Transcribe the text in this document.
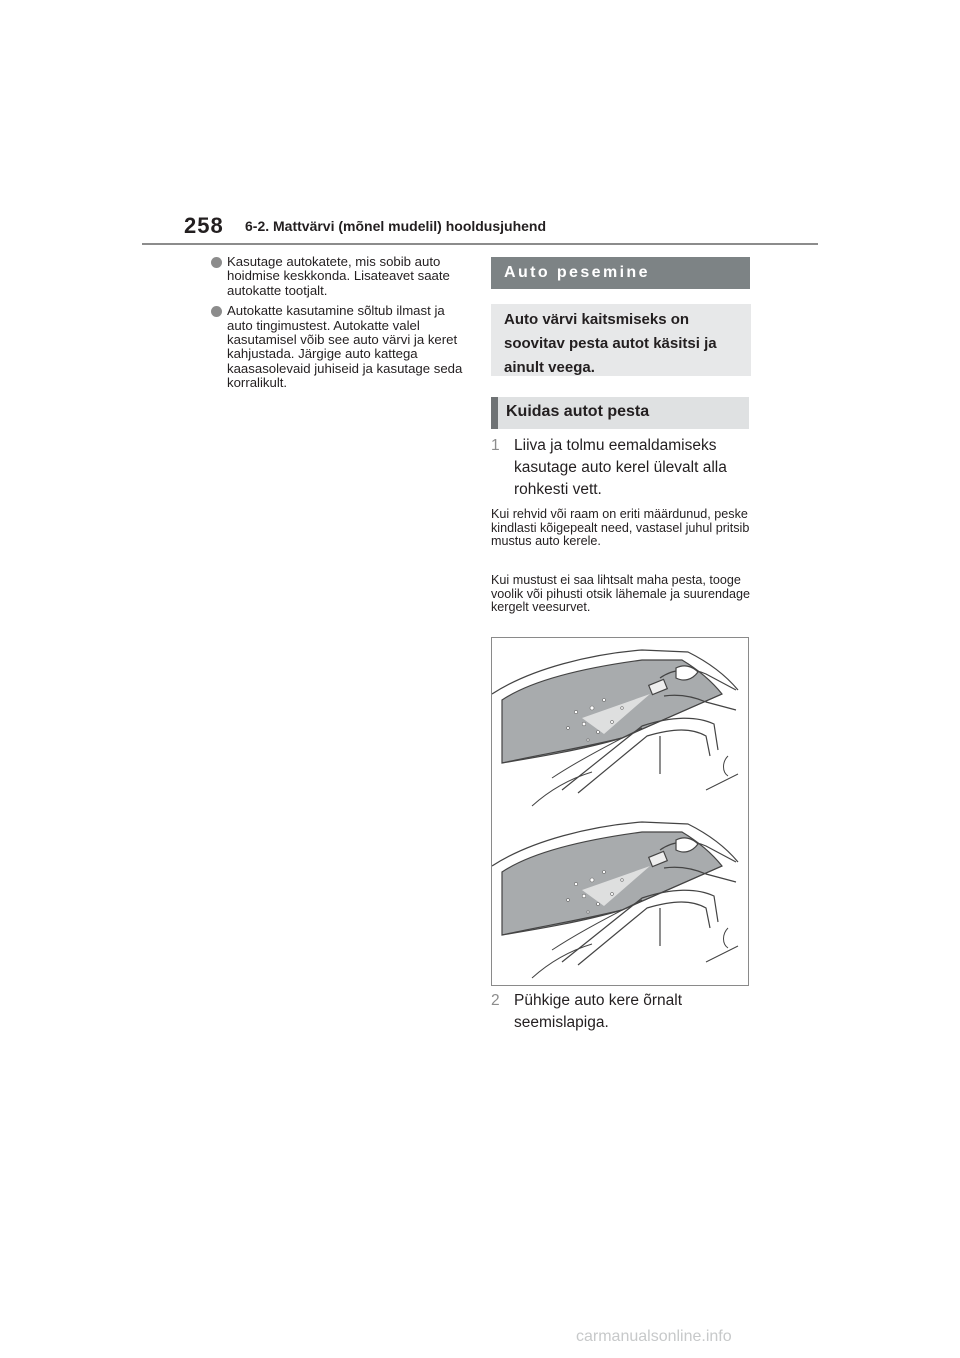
258 6-2. Mattvärvi (mõnel mudelil) hooldusjuhend
Kasutage autokatete, mis sobib auto hoidmise keskkonda. Lisateavet saate autokatte tootjalt.
Autokatte kasutamine sõltub ilmast ja auto tingimustest. Autokatte valel kasutamisel võib see auto värvi ja keret kahjustada. Järgige auto kattega kaasasolevaid juhiseid ja kasutage seda korralikult.
Auto pesemine
Auto värvi kaitsmiseks on soovitav pesta autot käsitsi ja ainult veega.
Kuidas autot pesta
1 Liiva ja tolmu eemaldamiseks kasutage auto kerel ülevalt alla rohkesti vett.
Kui rehvid või raam on eriti määrdunud, peske kindlasti kõigepealt need, vastasel juhul pritsib mustus auto kerele.
Kui mustust ei saa lihtsalt maha pesta, tooge voolik või pihusti otsik lähemale ja suurendage kergelt veesurvet.
2 Pühkige auto kere õrnalt seemislapiga.
carmanualsonline.info
